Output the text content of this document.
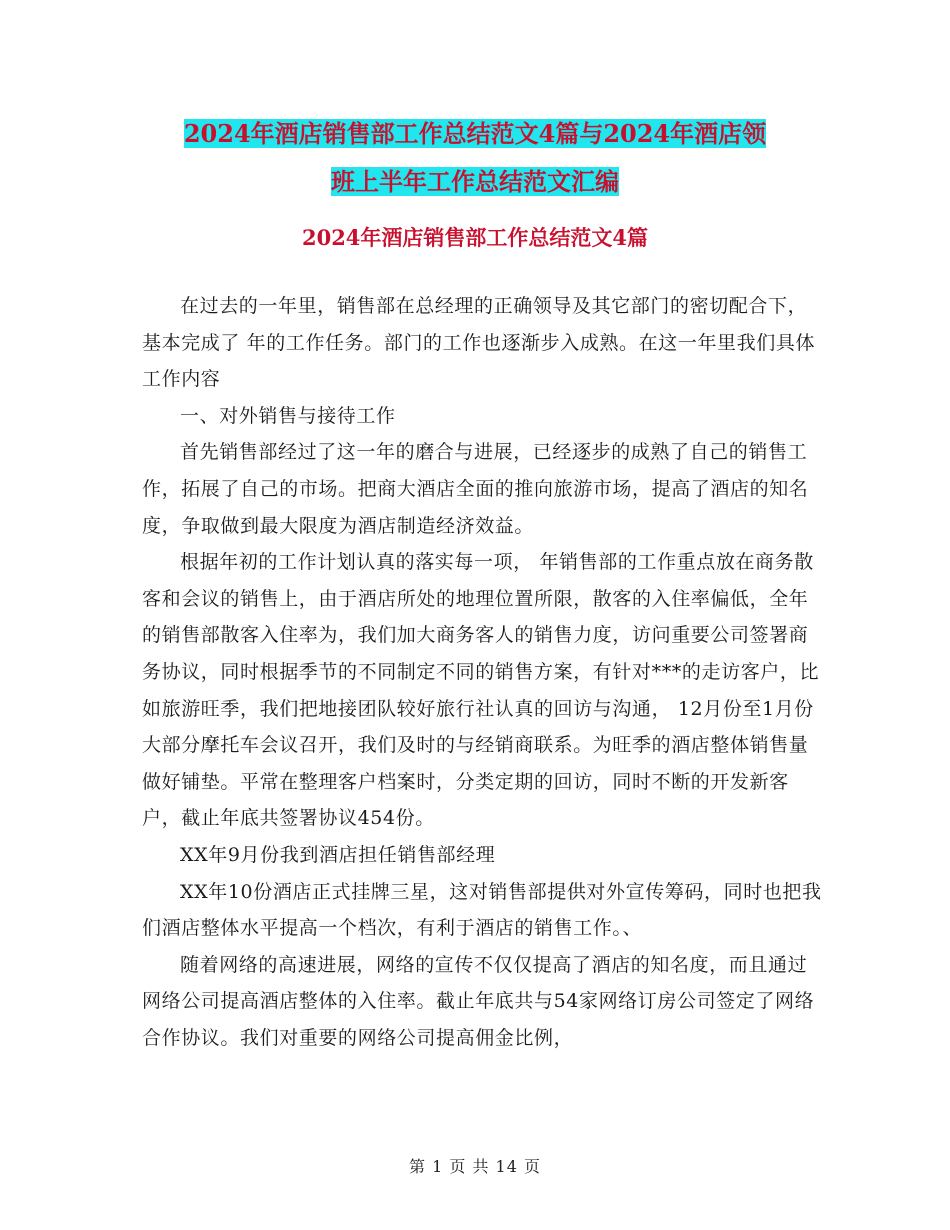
2024年酒店销售部工作总结范文4篇与2024年酒店领
班上半年工作总结范文汇编
2024年酒店销售部工作总结范文4篇

在过去的一年里，销售部在总经理的正确领导及其它部门的密切配合下，基本完成了 年的工作任务。部门的工作也逐渐步入成熟。在这一年里我们具体工作内容

一、对外销售与接待工作

首先销售部经过了这一年的磨合与进展，已经逐步的成熟了自己的销售工作，拓展了自己的市场。把商大酒店全面的推向旅游市场，提高了酒店的知名度，争取做到最大限度为酒店制造经济效益。

根据年初的工作计划认真的落实每一项， 年销售部的工作重点放在商务散客和会议的销售上，由于酒店所处的地理位置所限，散客的入住率偏低，全年的销售部散客入住率为，我们加大商务客人的销售力度，访问重要公司签署商务协议，同时根据季节的不同制定不同的销售方案，有针对***的走访客户，比如旅游旺季，我们把地接团队较好旅行社认真的回访与沟通， 12月份至1月份大部分摩托车会议召开，我们及时的与经销商联系。为旺季的酒店整体销售量做好铺垫。平常在整理客户档案时，分类定期的回访，同时不断的开发新客户，截止年底共签署协议454份。

XX年9月份我到酒店担任销售部经理

XX年10份酒店正式挂牌三星，这对销售部提供对外宣传筹码，同时也把我们酒店整体水平提高一个档次，有利于酒店的销售工作。、

随着网络的高速进展，网络的宣传不仅仅提高了酒店的知名度，而且通过网络公司提高酒店整体的入住率。截止年底共与54家网络订房公司签定了网络合作协议。我们对重要的网络公司提高佣金比例，

第 1 页 共 14 页
